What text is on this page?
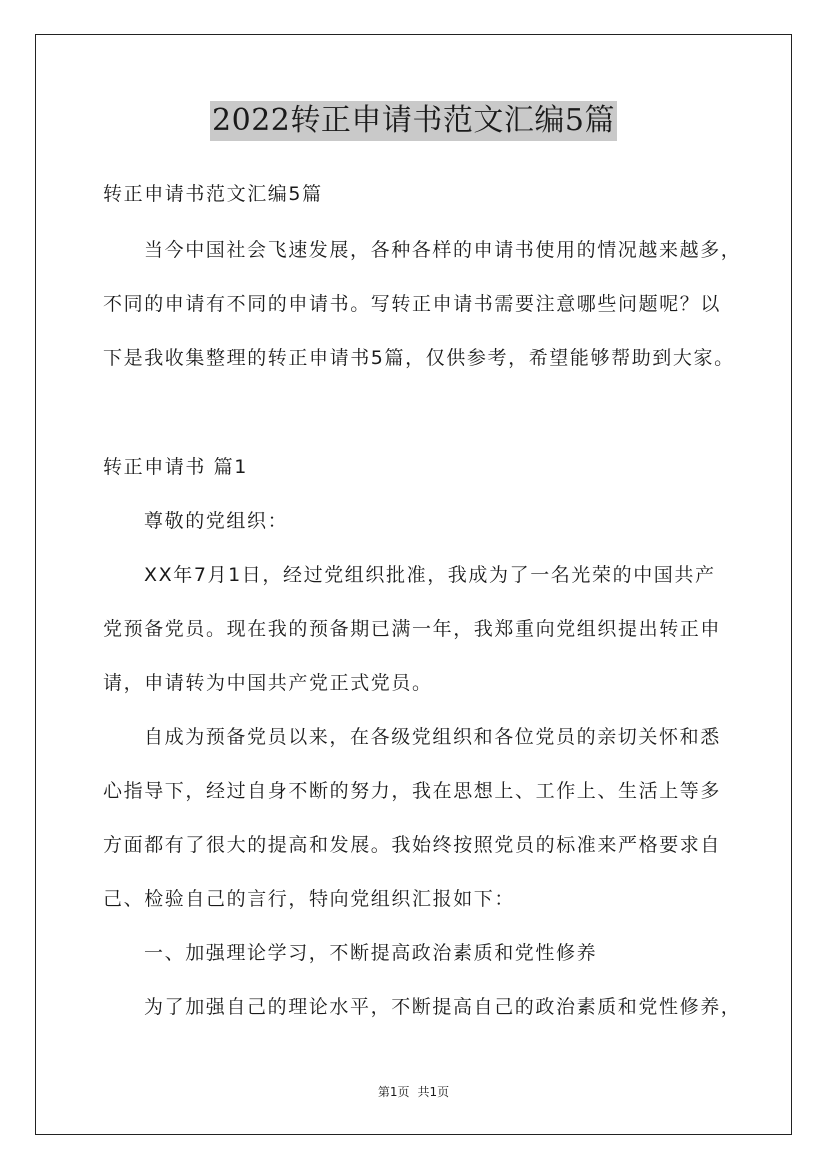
2022转正申请书范文汇编5篇
转正申请书范文汇编5篇
当今中国社会飞速发展，各种各样的申请书使用的情况越来越多，
不同的申请有不同的申请书。写转正申请书需要注意哪些问题呢？以
下是我收集整理的转正申请书5篇，仅供参考，希望能够帮助到大家。
转正申请书 篇1
尊敬的党组织：
XX年7月1日，经过党组织批准，我成为了一名光荣的中国共产
党预备党员。现在我的预备期已满一年，我郑重向党组织提出转正申
请，申请转为中国共产党正式党员。
自成为预备党员以来，在各级党组织和各位党员的亲切关怀和悉
心指导下，经过自身不断的努力，我在思想上、工作上、生活上等多
方面都有了很大的提高和发展。我始终按照党员的标准来严格要求自
己、检验自己的言行，特向党组织汇报如下：
一、加强理论学习，不断提高政治素质和党性修养
为了加强自己的理论水平，不断提高自己的政治素质和党性修养，
第1页 共1页
